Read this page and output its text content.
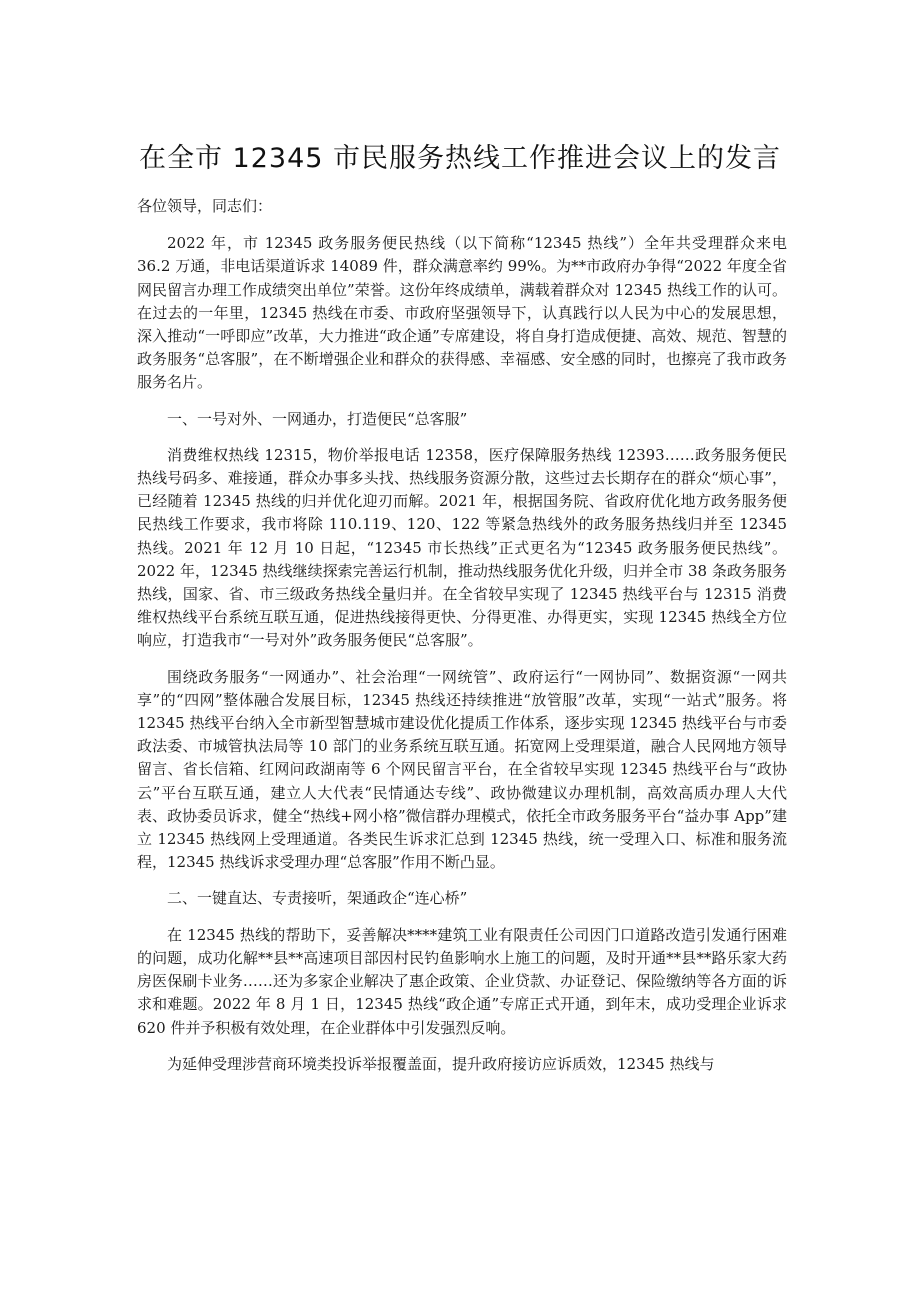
在全市 12345 市民服务热线工作推进会议上的发言

各位领导，同志们：

2022 年，市 12345 政务服务便民热线（以下简称“12345 热线”）全年共受理群众来电 36.2 万通，非电话渠道诉求 14089 件，群众满意率约 99%。为**市政府办争得“2022 年度全省网民留言办理工作成绩突出单位”荣誉。这份年终成绩单，满载着群众对 12345 热线工作的认可。在过去的一年里，12345 热线在市委、市政府坚强领导下，认真践行以人民为中心的发展思想，深入推动“一呼即应”改革，大力推进“政企通”专席建设，将自身打造成便捷、高效、规范、智慧的政务服务“总客服”，在不断增强企业和群众的获得感、幸福感、安全感的同时，也擦亮了我市政务服务名片。

一、一号对外、一网通办，打造便民“总客服”

消费维权热线 12315，物价举报电话 12358，医疗保障服务热线 12393……政务服务便民热线号码多、难接通，群众办事多头找、热线服务资源分散，这些过去长期存在的群众“烦心事”，已经随着 12345 热线的归并优化迎刃而解。2021 年，根据国务院、省政府优化地方政务服务便民热线工作要求，我市将除 110.119、120、122 等紧急热线外的政务服务热线归并至 12345 热线。2021 年 12 月 10 日起，“12345 市长热线”正式更名为“12345 政务服务便民热线”。2022 年，12345 热线继续探索完善运行机制，推动热线服务优化升级，归并全市 38 条政务服务热线，国家、省、市三级政务热线全量归并。在全省较早实现了 12345 热线平台与 12315 消费维权热线平台系统互联互通，促进热线接得更快、分得更准、办得更实，实现 12345 热线全方位响应，打造我市“一号对外”政务服务便民“总客服”。

围绕政务服务“一网通办”、社会治理“一网统管”、政府运行“一网协同”、数据资源“一网共享”的“四网”整体融合发展目标，12345 热线还持续推进“放管服”改革，实现“一站式”服务。将 12345 热线平台纳入全市新型智慧城市建设优化提质工作体系，逐步实现 12345 热线平台与市委政法委、市城管执法局等 10 部门的业务系统互联互通。拓宽网上受理渠道，融合人民网地方领导留言、省长信箱、红网问政湖南等 6 个网民留言平台，在全省较早实现 12345 热线平台与“政协云”平台互联互通，建立人大代表“民情通达专线”、政协微建议办理机制，高效高质办理人大代表、政协委员诉求，健全“热线+网小格”微信群办理模式，依托全市政务服务平台“益办事 App”建立 12345 热线网上受理通道。各类民生诉求汇总到 12345 热线，统一受理入口、标准和服务流程，12345 热线诉求受理办理“总客服”作用不断凸显。

二、一键直达、专责接听，架通政企“连心桥”

在 12345 热线的帮助下，妥善解决****建筑工业有限责任公司因门口道路改造引发通行困难的问题，成功化解**县**高速项目部因村民钓鱼影响水上施工的问题，及时开通**县**路乐家大药房医保刷卡业务……还为多家企业解决了惠企政策、企业贷款、办证登记、保险缴纳等各方面的诉求和难题。2022 年 8 月 1 日，12345 热线“政企通”专席正式开通，到年末，成功受理企业诉求 620 件并予积极有效处理，在企业群体中引发强烈反响。

为延伸受理涉营商环境类投诉举报覆盖面，提升政府接访应诉质效，12345 热线与
